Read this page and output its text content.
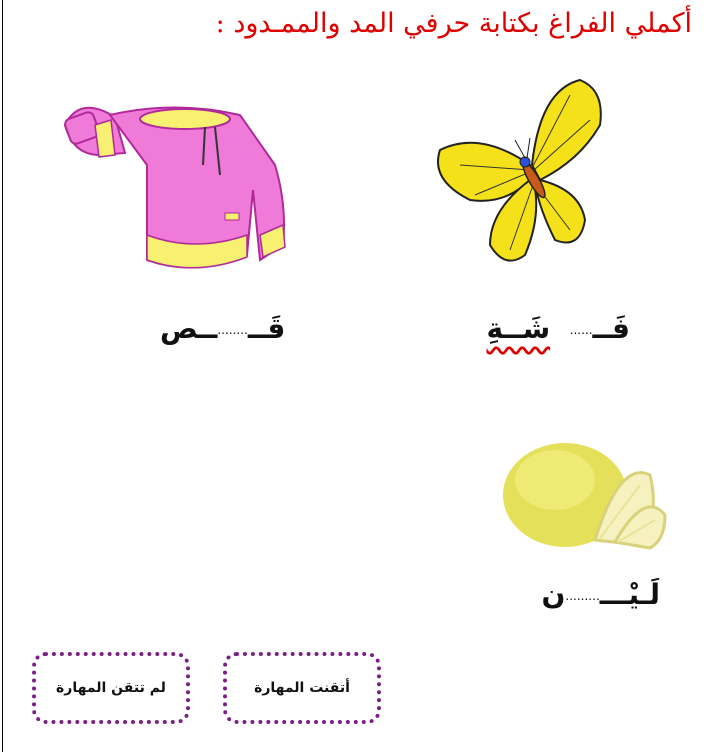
أكملي الفراغ بكتابة حرفي المد والممـدود :
فَــ......  شَــةِ
قَــ........ــص
لَـيْـــ.........ن
أتقنت المهارة
لم تتقن المهارة
